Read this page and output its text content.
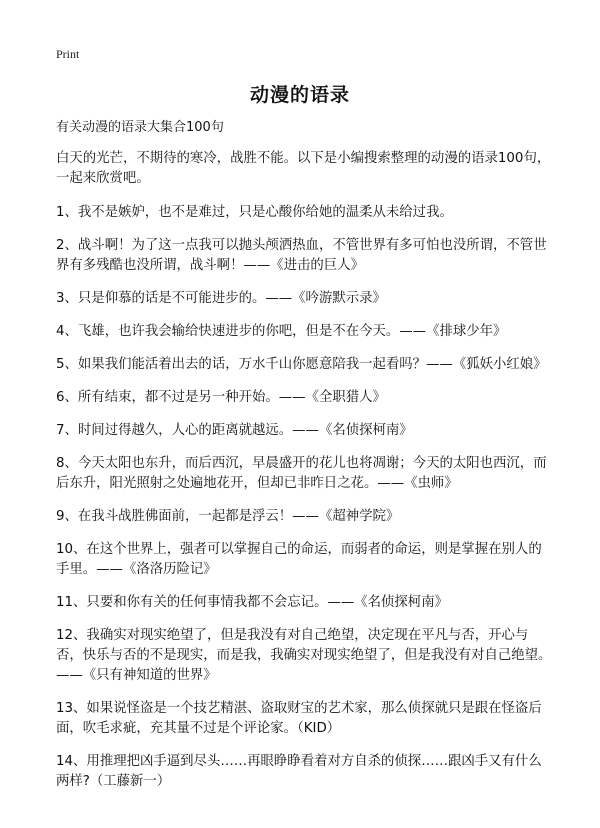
Print
动漫的语录

有关动漫的语录大集合100句

白天的光芒，不期待的寒冷，战胜不能。以下是小编搜索整理的动漫的语录100句，一起来欣赏吧。

1、我不是嫉妒，也不是难过，只是心酸你给她的温柔从未给过我。

2、战斗啊！为了这一点我可以抛头颅洒热血，不管世界有多可怕也没所谓，不管世界有多残酷也没所谓，战斗啊！——《进击的巨人》

3、只是仰慕的话是不可能进步的。——《吟游默示录》

4、飞雄，也许我会输给快速进步的你吧，但是不在今天。——《排球少年》

5、如果我们能活着出去的话，万水千山你愿意陪我一起看吗？——《狐妖小红娘》

6、所有结束，都不过是另一种开始。——《全职猎人》

7、时间过得越久，人心的距离就越远。——《名侦探柯南》

8、今天太阳也东升，而后西沉，早晨盛开的花儿也将凋谢；今天的太阳也西沉，而后东升，阳光照射之处遍地花开，但却已非昨日之花。——《虫师》

9、在我斗战胜佛面前，一起都是浮云！——《超神学院》

10、在这个世界上，强者可以掌握自己的命运，而弱者的命运，则是掌握在别人的手里。——《洛洛历险记》

11、只要和你有关的任何事情我都不会忘记。——《名侦探柯南》

12、我确实对现实绝望了，但是我没有对自己绝望，决定现在平凡与否，开心与否，快乐与否的不是现实，而是我，我确实对现实绝望了，但是我没有对自己绝望。——《只有神知道的世界》

13、如果说怪盗是一个技艺精湛、盗取财宝的艺术家，那么侦探就只是跟在怪盗后面，吹毛求疵，充其量不过是个评论家。（KID）

14、用推理把凶手逼到尽头……再眼睁睁看着对方自杀的侦探……跟凶手又有什么两样?（工藤新一）
